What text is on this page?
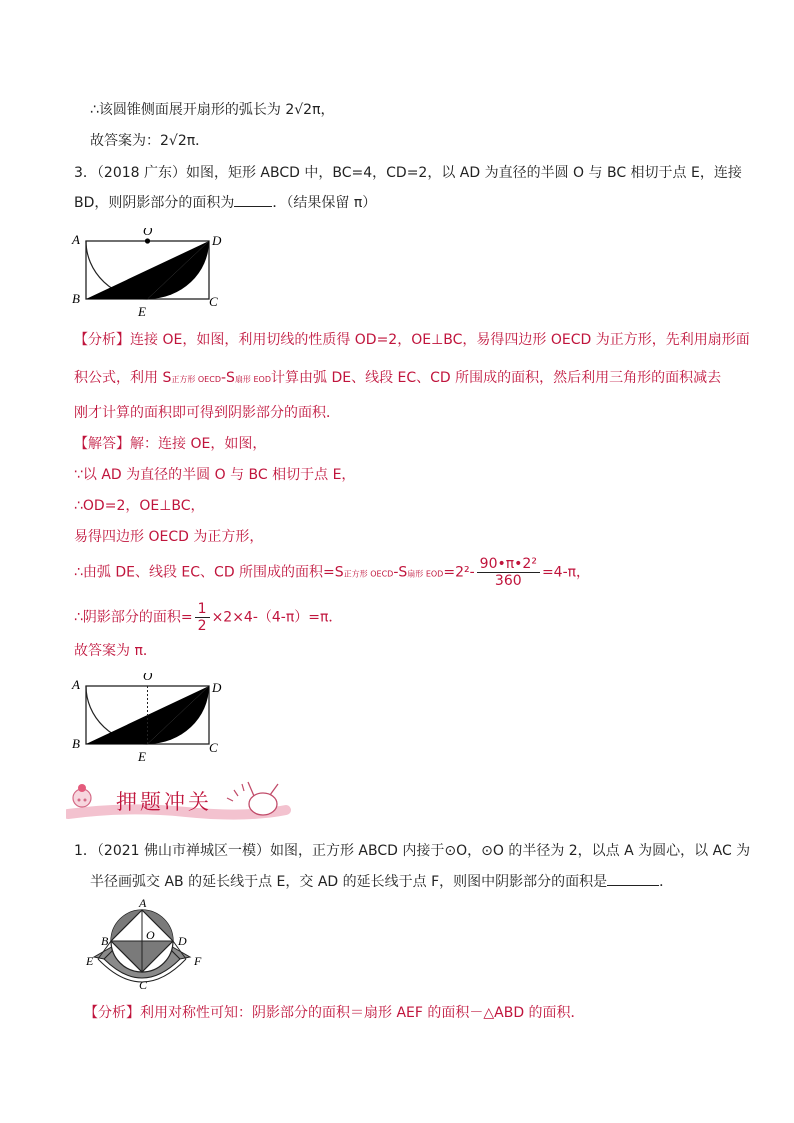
∴该圆锥侧面展开扇形的弧长为 2√2π，
故答案为：2√2π．
3．（2018 广东）如图，矩形 ABCD 中，BC=4，CD=2，以 AD 为直径的半圆 O 与 BC 相切于点 E，连接
BD，则阴影部分的面积为	．（结果保留 π）
A
O
D
B
E
C
【分析】连接 OE，如图，利用切线的性质得 OD=2，OE⊥BC，易得四边形 OECD 为正方形，先利用扇形面
积公式，利用 S正方形 OECD-S扇形 EOD计算由弧 DE、线段 EC、CD 所围成的面积，然后利用三角形的面积减去
刚才计算的面积即可得到阴影部分的面积．
【解答】解：连接 OE，如图，
∵以 AD 为直径的半圆 O 与 BC 相切于点 E，
∴OD=2，OE⊥BC，
易得四边形 OECD 为正方形，
∴由弧 DE、线段 EC、CD 所围成的面积=S正方形 OECD-S扇形 $EOD=2^2- \frac{\text{90•π•2²}}{360} =4-\pi$，
∴阴影部分的面积= $\frac{1}{2} \times 2\times 4-(4-\pi)=\pi$．
故答案为 π．
A
O
D
B
E
C
押题冲关
1．（2021 佛山市禅城区一模）如图，正方形 ABCD 内接于⊙O，⊙O 的半径为 2，以点 A 为圆心，以 AC 为
半径画弧交 AB 的延长线于点 E，交 AD 的延长线于点 F，则图中阴影部分的面积是	．
A
B	O D
E	F
C
【分析】利用对称性可知：阴影部分的面积＝扇形 AEF 的面积－△ABD 的面积．
